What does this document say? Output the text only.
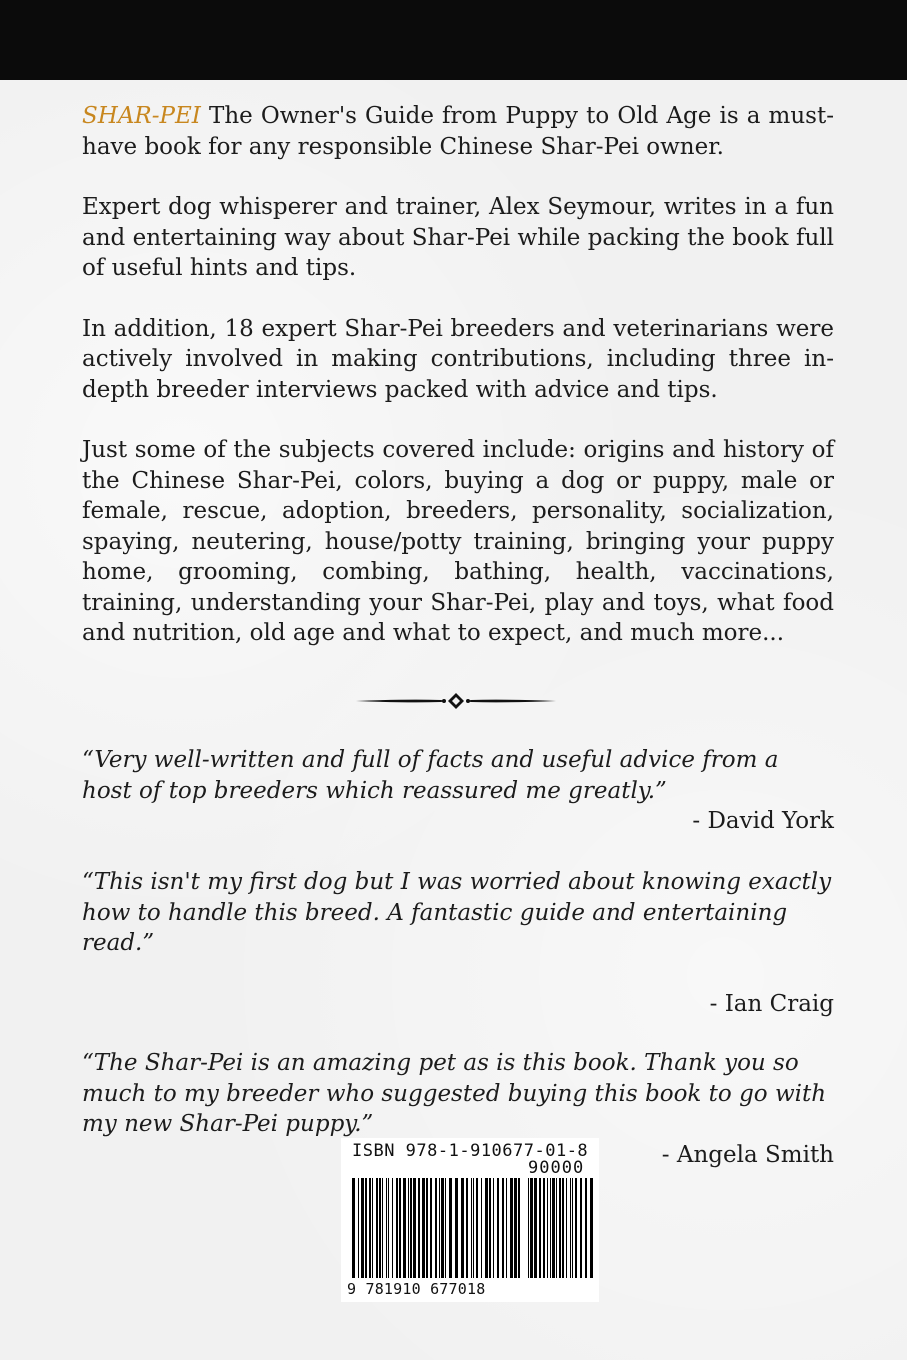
SHAR-PEI The Owner's Guide from Puppy to Old Age is a must-have book for any responsible Chinese Shar-Pei owner.

Expert dog whisperer and trainer, Alex Seymour, writes in a fun and entertaining way about Shar-Pei while packing the book full of useful hints and tips.

In addition, 18 expert Shar-Pei breeders and veterinarians were actively involved in making contributions, including three in-depth breeder interviews packed with advice and tips.

Just some of the subjects covered include: origins and history of the Chinese Shar-Pei, colors, buying a dog or puppy, male or female, rescue, adoption, breeders, personality, socialization, spaying, neutering, house/potty training, bringing your puppy home, grooming, combing, bathing, health, vaccinations, training, understanding your Shar-Pei, play and toys, what food and nutrition, old age and what to expect, and much more...

“Very well-written and full of facts and useful advice from a host of top breeders which reassured me greatly.”

- David York

“This isn't my first dog but I was worried about knowing exactly how to handle this breed. A fantastic guide and entertaining read.”

- Ian Craig

“The Shar-Pei is an amazing pet as is this book. Thank you so much to my breeder who suggested buying this book to go with my new Shar-Pei puppy.”

- Angela Smith

ISBN 978-1-910677-01-8
90000
9 781910 677018
